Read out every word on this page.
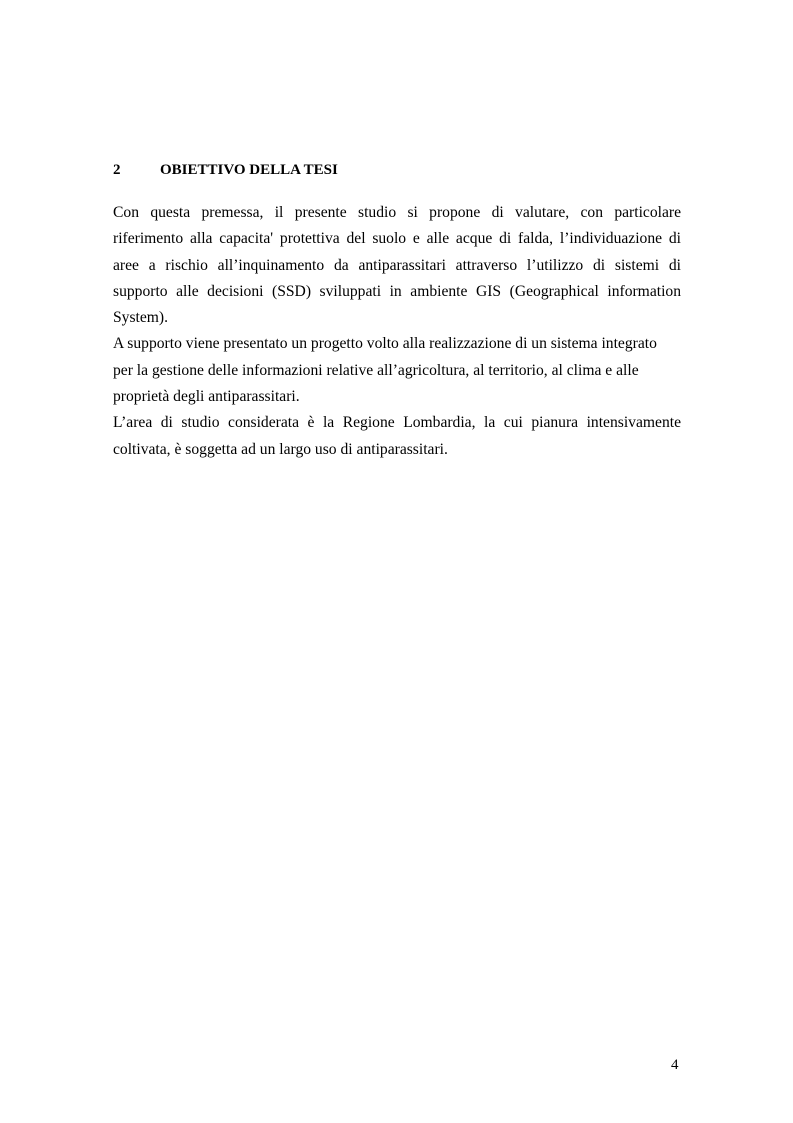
2	OBIETTIVO DELLA TESI
Con questa premessa, il presente studio si propone di valutare, con particolare
riferimento alla capacita' protettiva del suolo e alle acque di falda, l’individuazione di
aree a rischio all’inquinamento da antiparassitari attraverso l’utilizzo di sistemi di
supporto alle decisioni (SSD) sviluppati in ambiente GIS (Geographical information
System).
A supporto viene presentato un progetto volto alla realizzazione di un sistema integrato
per la gestione delle informazioni relative all’agricoltura, al territorio, al clima e alle
proprietà degli antiparassitari.
L’area di studio considerata è la Regione Lombardia, la cui pianura intensivamente
coltivata, è soggetta ad un largo uso di antiparassitari.
4
